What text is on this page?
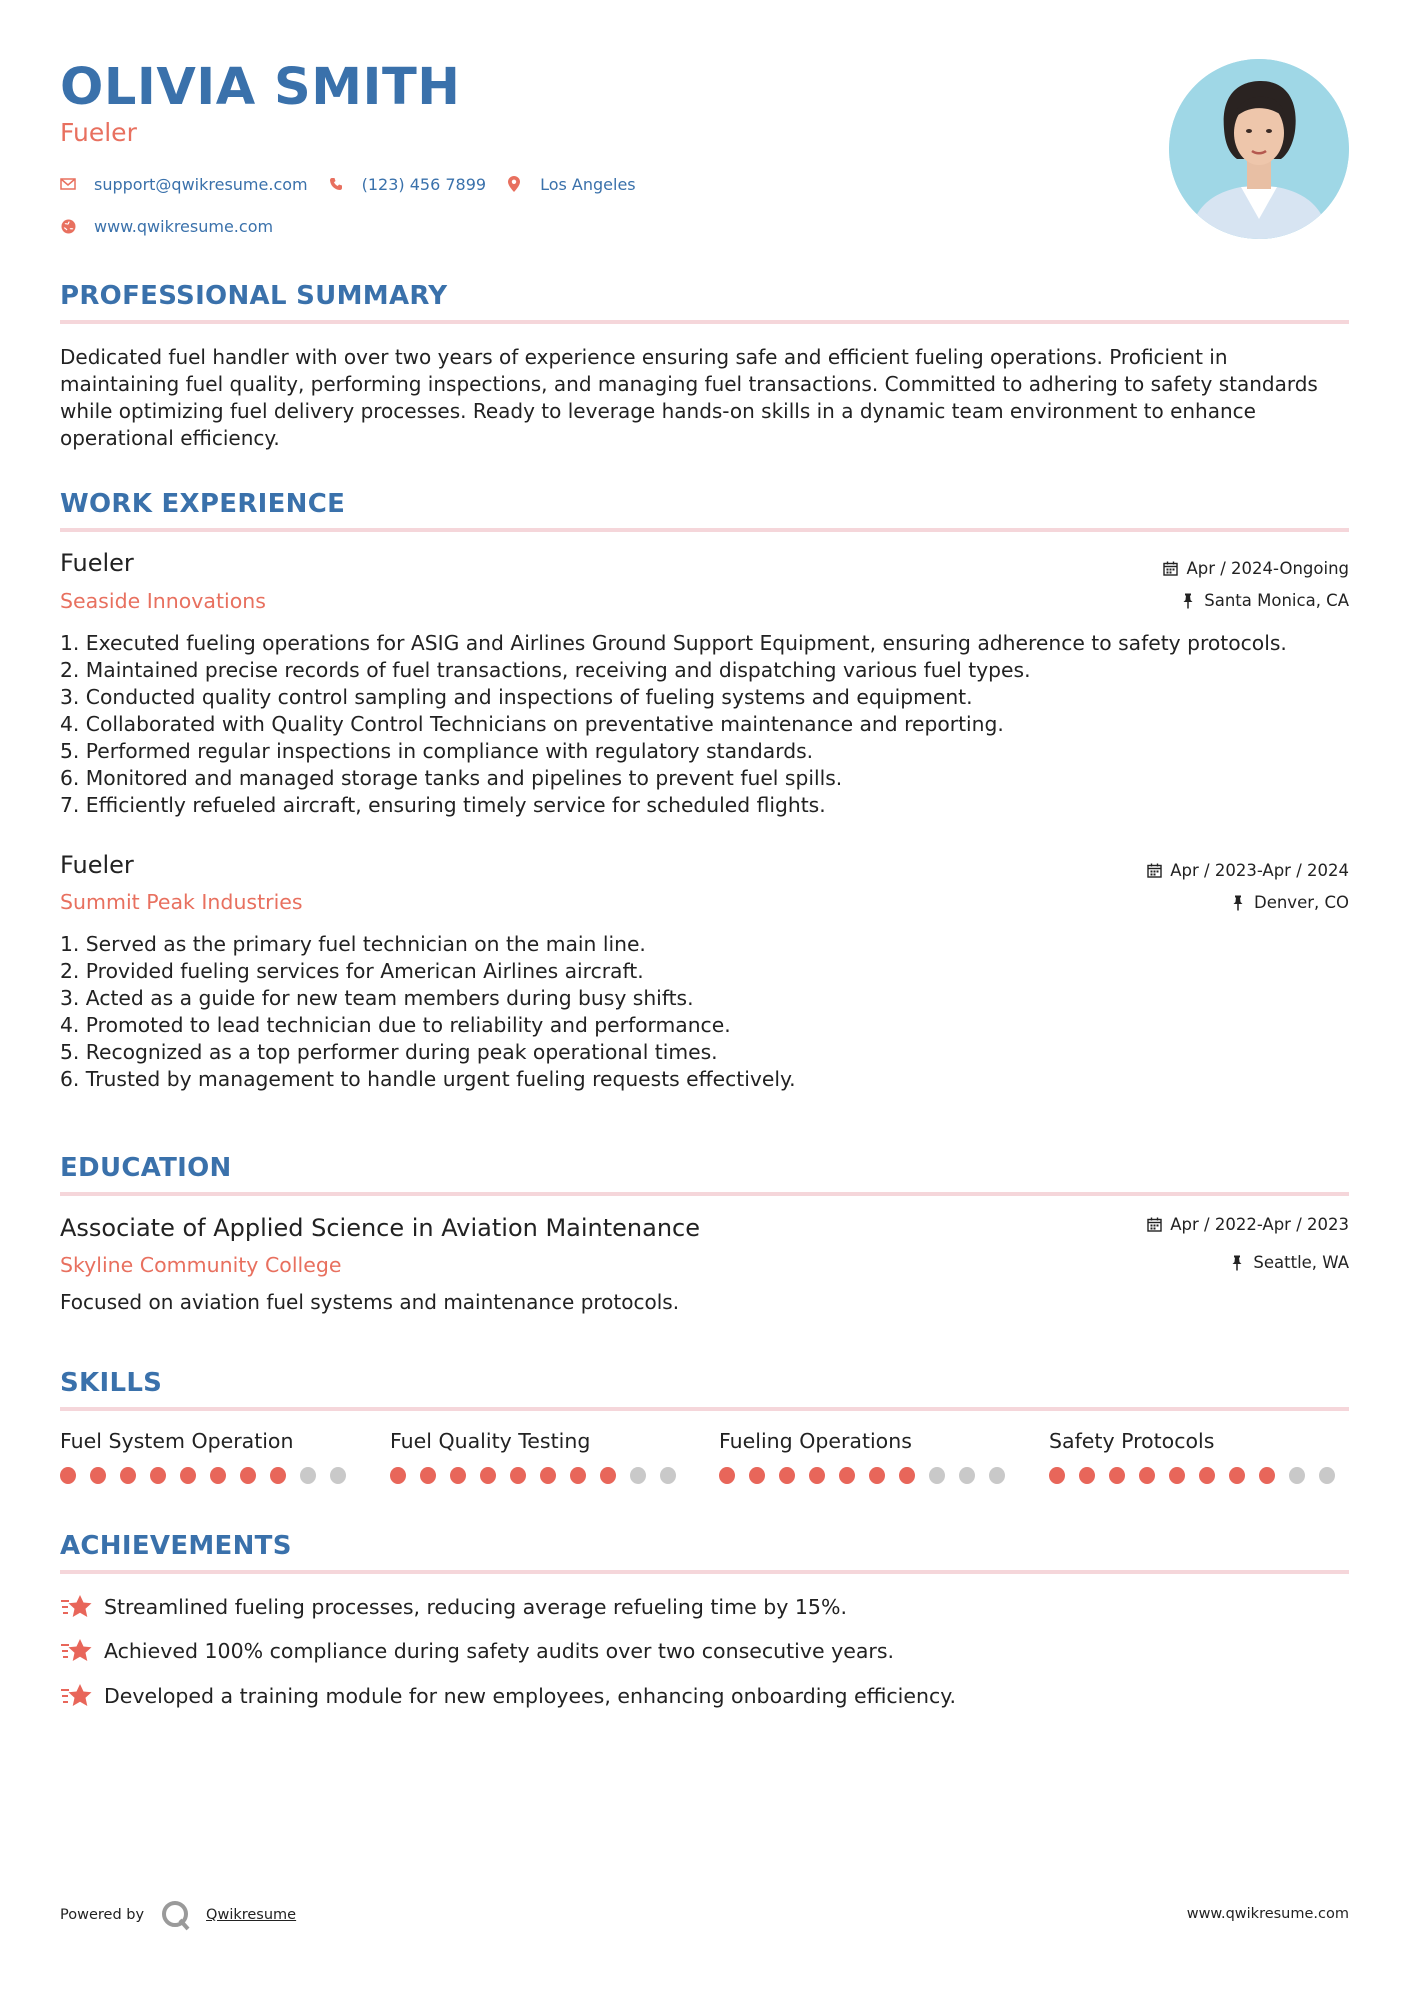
OLIVIA SMITH
Fueler
support@qwikresume.com	(123) 456 7899	Los Angeles
www.qwikresume.com
PROFESSIONAL SUMMARY
Dedicated fuel handler with over two years of experience ensuring safe and efficient fueling operations. Proficient in maintaining fuel quality, performing inspections, and managing fuel transactions. Committed to adhering to safety standards while optimizing fuel delivery processes. Ready to leverage hands-on skills in a dynamic team environment to enhance operational efficiency.
WORK EXPERIENCE
Fueler
Seaside Innovations
Apr / 2024-Ongoing
Santa Monica, CA
1. Executed fueling operations for ASIG and Airlines Ground Support Equipment, ensuring adherence to safety protocols.
2. Maintained precise records of fuel transactions, receiving and dispatching various fuel types.
3. Conducted quality control sampling and inspections of fueling systems and equipment.
4. Collaborated with Quality Control Technicians on preventative maintenance and reporting.
5. Performed regular inspections in compliance with regulatory standards.
6. Monitored and managed storage tanks and pipelines to prevent fuel spills.
7. Efficiently refueled aircraft, ensuring timely service for scheduled flights.
Fueler
Summit Peak Industries
Apr / 2023-Apr / 2024
Denver, CO
1. Served as the primary fuel technician on the main line.
2. Provided fueling services for American Airlines aircraft.
3. Acted as a guide for new team members during busy shifts.
4. Promoted to lead technician due to reliability and performance.
5. Recognized as a top performer during peak operational times.
6. Trusted by management to handle urgent fueling requests effectively.
EDUCATION
Associate of Applied Science in Aviation Maintenance
Skyline Community College
Apr / 2022-Apr / 2023
Seattle, WA
Focused on aviation fuel systems and maintenance protocols.
SKILLS
Fuel System Operation	Fuel Quality Testing	Fueling Operations	Safety Protocols
ACHIEVEMENTS
Streamlined fueling processes, reducing average refueling time by 15%.
Achieved 100% compliance during safety audits over two consecutive years.
Developed a training module for new employees, enhancing onboarding efficiency.
Powered by	Qwikresume	www.qwikresume.com
